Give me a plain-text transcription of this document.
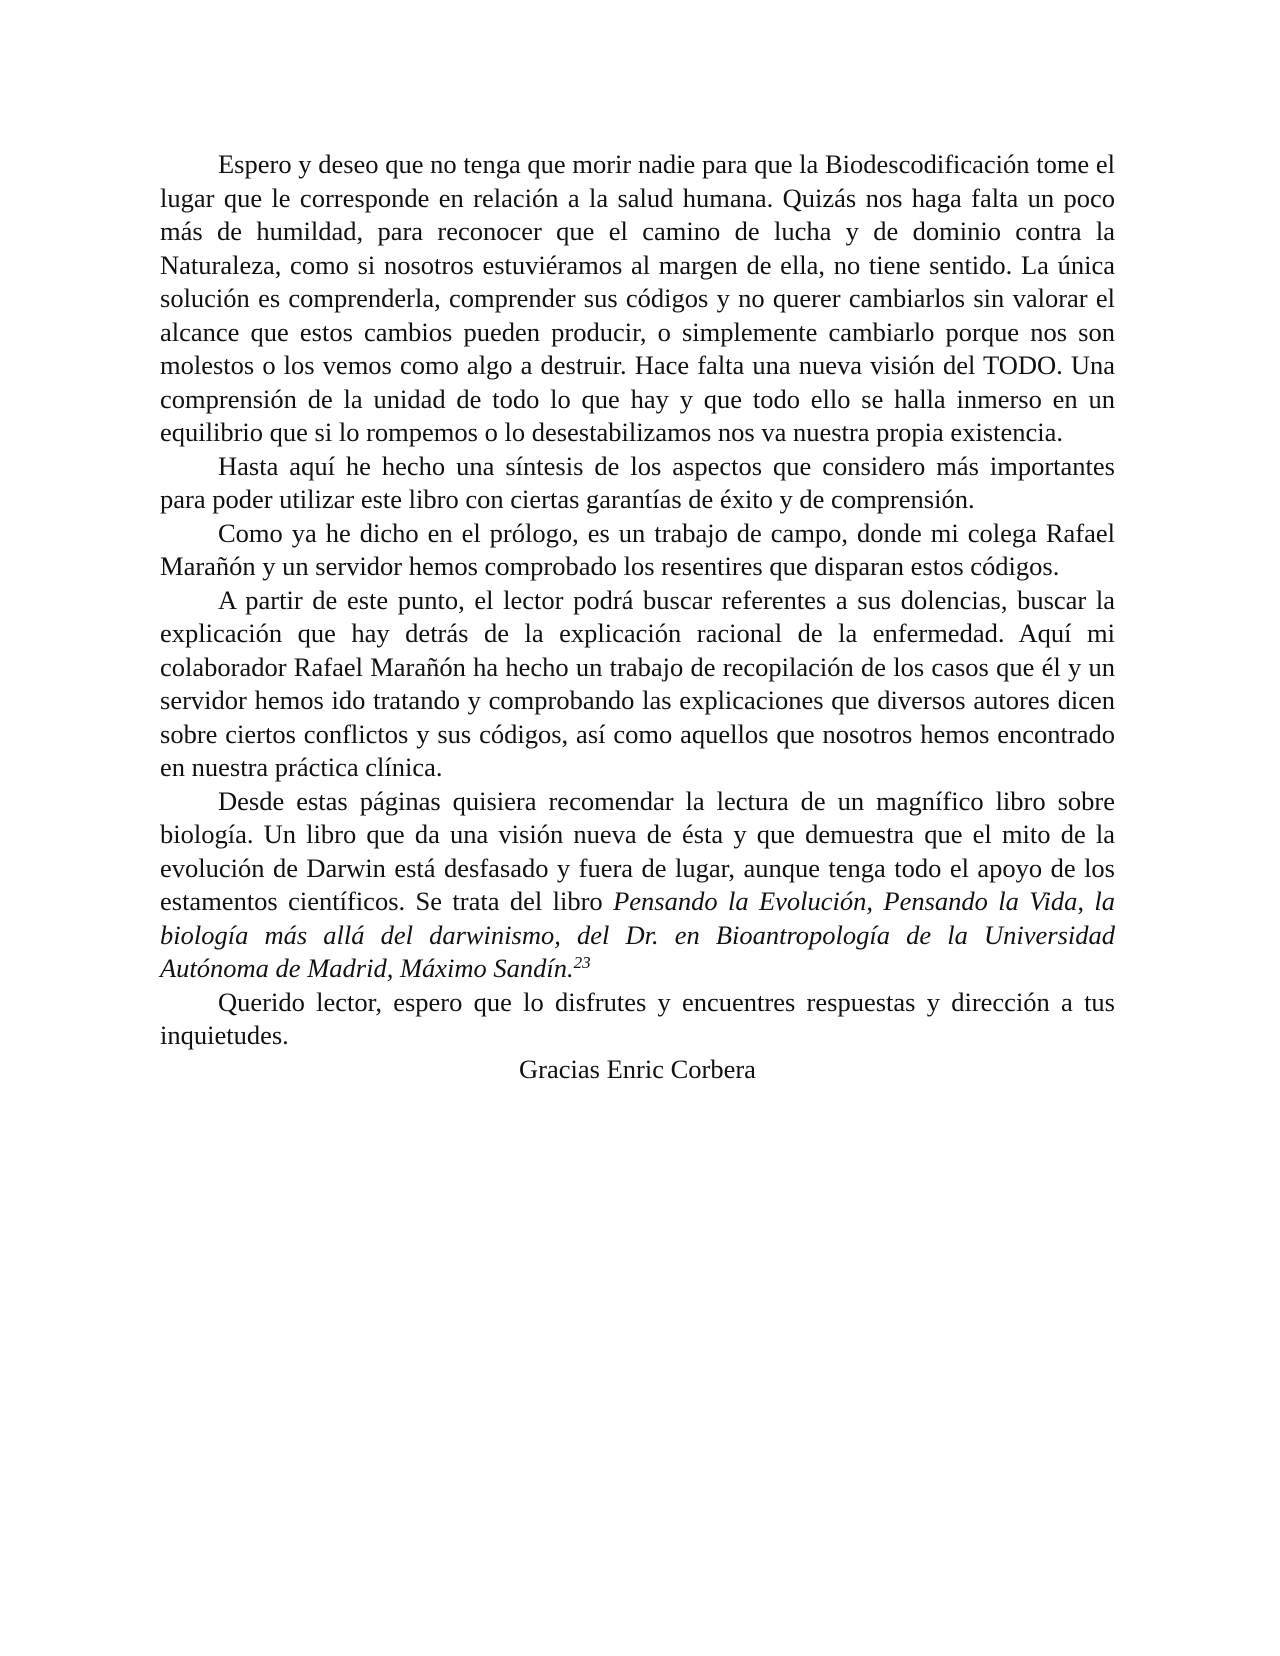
Espero y deseo que no tenga que morir nadie para que la Biodescodificación tome el lugar que le corresponde en relación a la salud humana. Quizás nos haga falta un poco más de humildad, para reconocer que el camino de lucha y de dominio contra la Naturaleza, como si nosotros estuviéramos al margen de ella, no tiene sentido. La única solución es comprenderla, comprender sus códigos y no querer cambiarlos sin valorar el alcance que estos cambios pueden producir, o simplemente cambiarlo porque nos son molestos o los vemos como algo a destruir. Hace falta una nueva visión del TODO. Una comprensión de la unidad de todo lo que hay y que todo ello se halla inmerso en un equilibrio que si lo rompemos o lo desestabilizamos nos va nuestra propia existencia.

Hasta aquí he hecho una síntesis de los aspectos que considero más importantes para poder utilizar este libro con ciertas garantías de éxito y de comprensión.

Como ya he dicho en el prólogo, es un trabajo de campo, donde mi colega Rafael Marañón y un servidor hemos comprobado los resentires que disparan estos códigos.

A partir de este punto, el lector podrá buscar referentes a sus dolencias, buscar la explicación que hay detrás de la explicación racional de la enfermedad. Aquí mi colaborador Rafael Marañón ha hecho un trabajo de recopilación de los casos que él y un servidor hemos ido tratando y comprobando las explicaciones que diversos autores dicen sobre ciertos conflictos y sus códigos, así como aquellos que nosotros hemos encontrado en nuestra práctica clínica.

Desde estas páginas quisiera recomendar la lectura de un magnífico libro sobre biología. Un libro que da una visión nueva de ésta y que demuestra que el mito de la evolución de Darwin está desfasado y fuera de lugar, aunque tenga todo el apoyo de los estamentos científicos. Se trata del libro Pensando la Evolución, Pensando la Vida, la biología más allá del darwinismo, del Dr. en Bioantropología de la Universidad Autónoma de Madrid, Máximo Sandín.$^{23}$

Querido lector, espero que lo disfrutes y encuentres respuestas y dirección a tus inquietudes.

Gracias Enric Corbera
